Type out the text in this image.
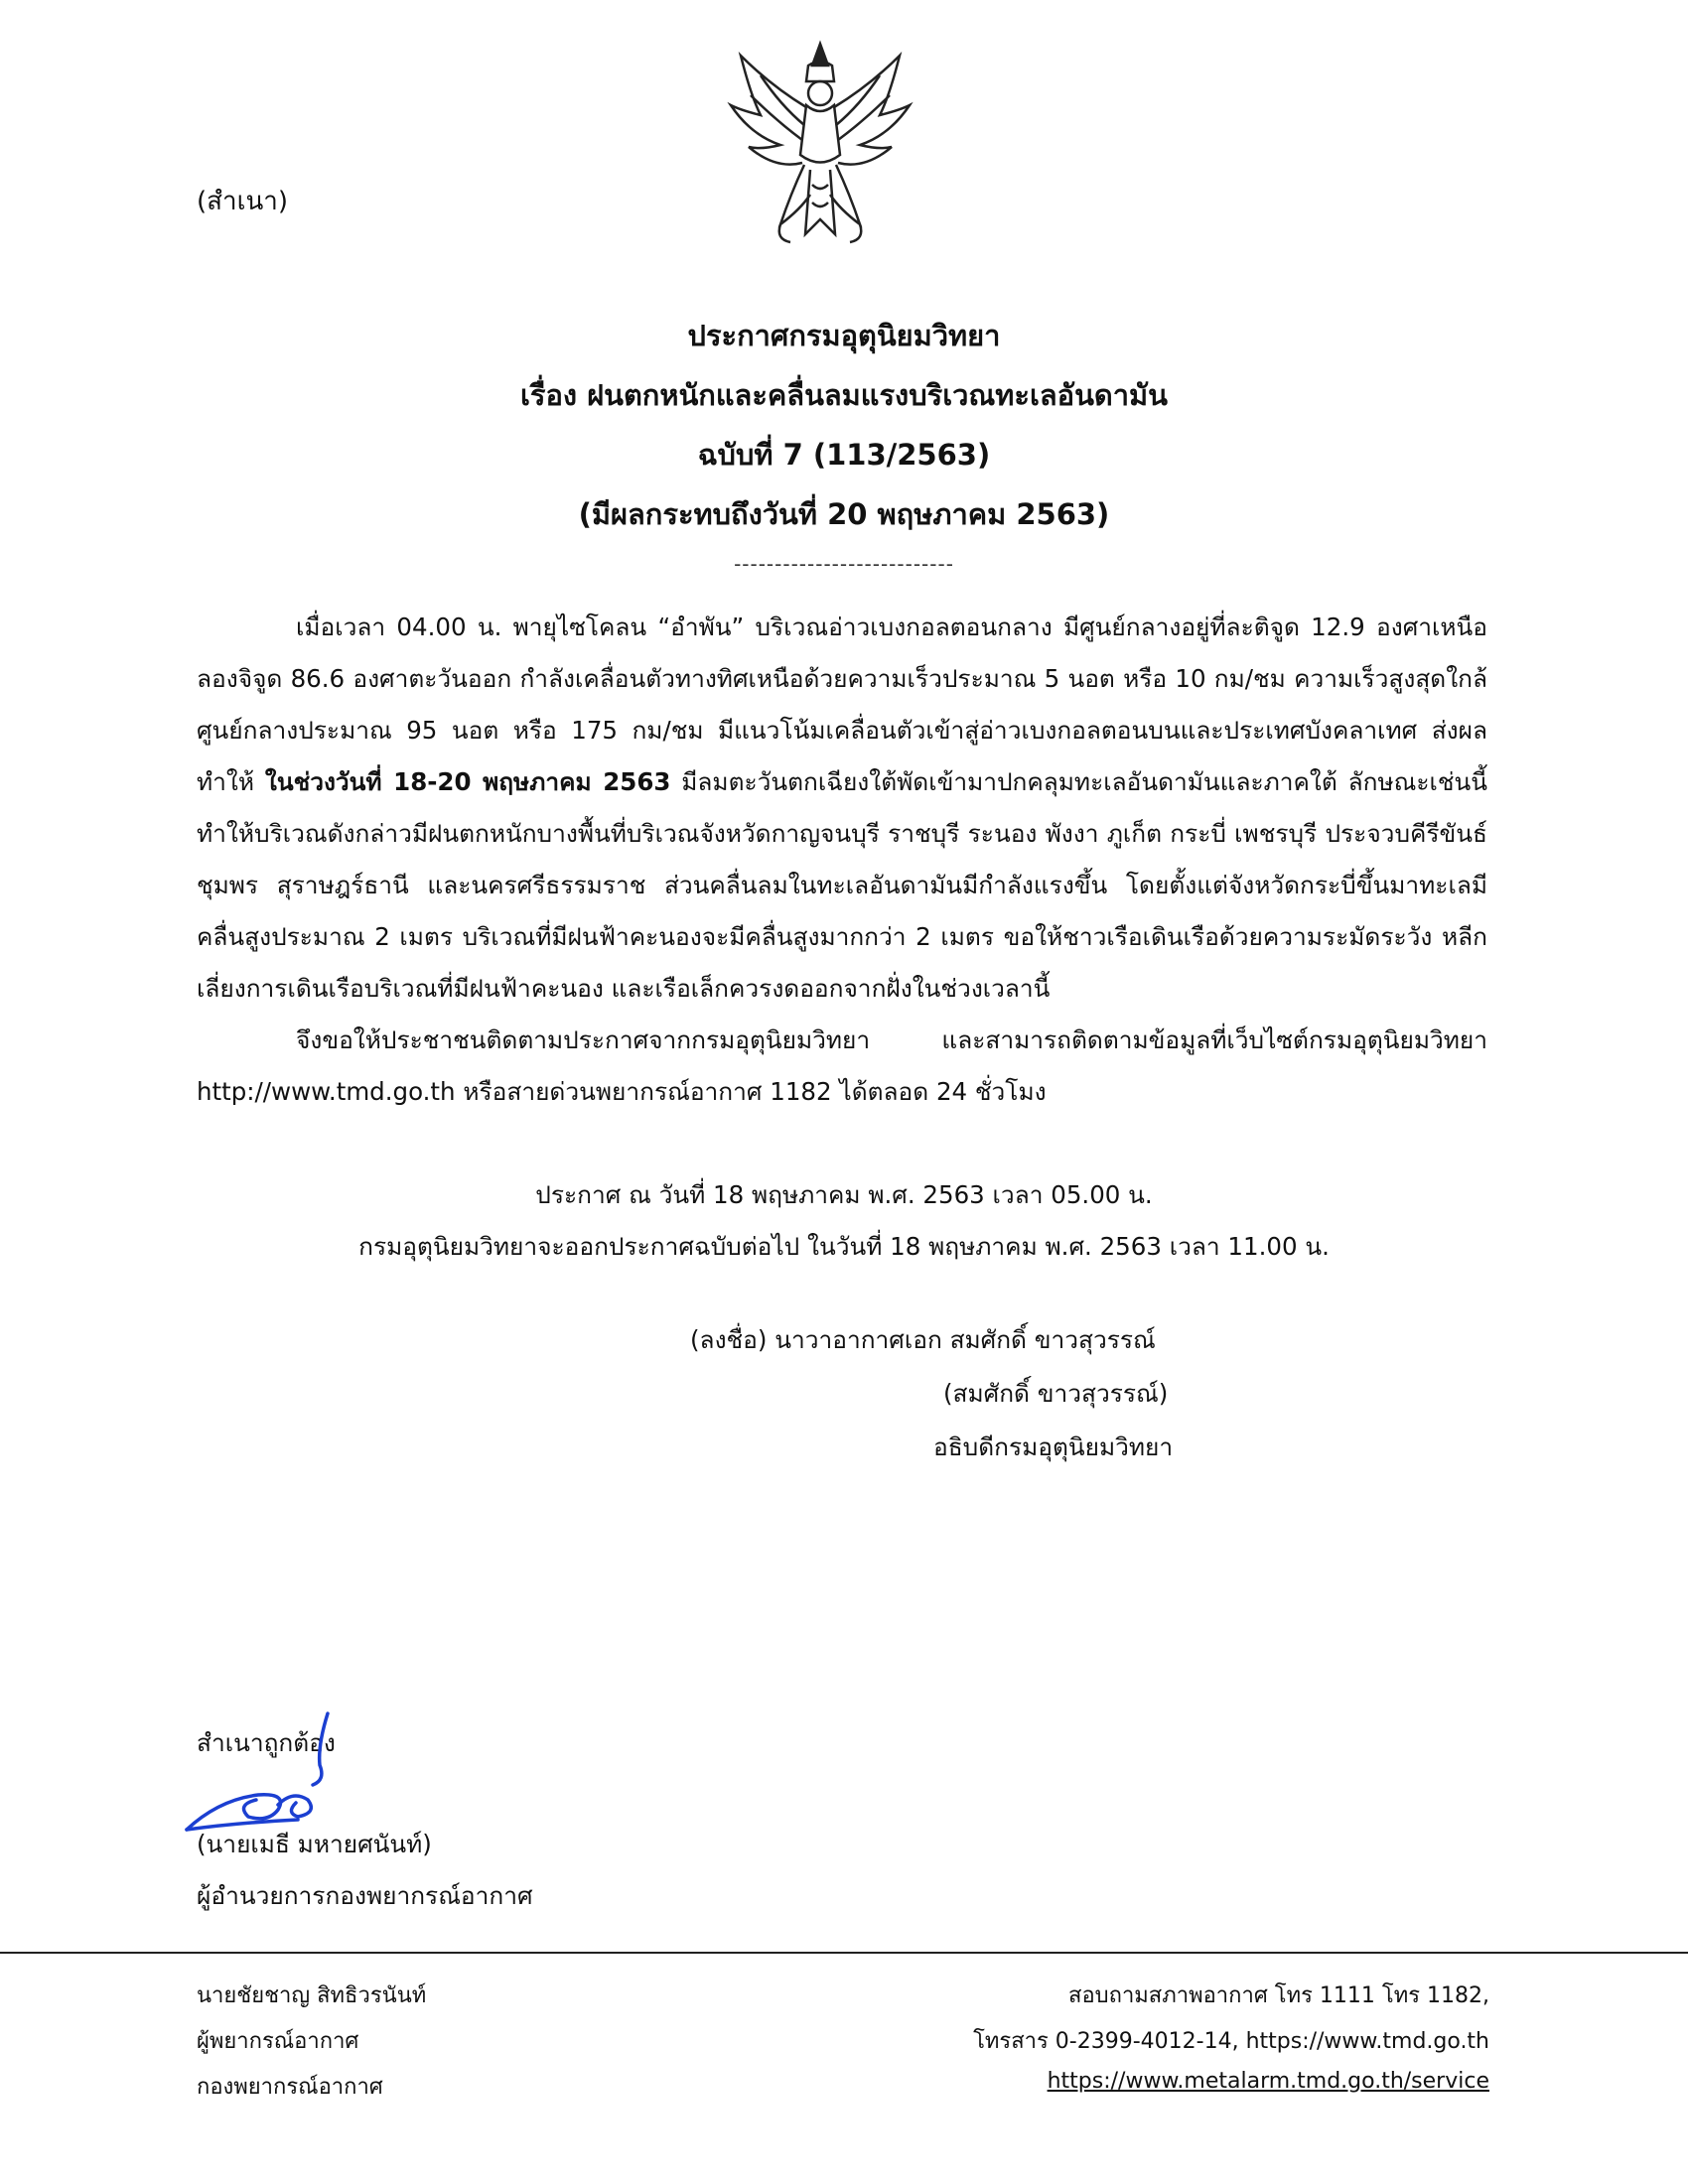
(สำเนา)
ประกาศกรมอุตุนิยมวิทยา
เรื่อง ฝนตกหนักและคลื่นลมแรงบริเวณทะเลอันดามัน
ฉบับที่ 7 (113/2563)
(มีผลกระทบถึงวันที่ 20 พฤษภาคม 2563)
---------------------------
เมื่อเวลา 04.00 น. พายุไซโคลน “อำพัน” บริเวณอ่าวเบงกอลตอนกลาง มีศูนย์กลางอยู่ที่ละติจูด 12.9 องศาเหนือ ลองจิจูด 86.6 องศาตะวันออก กำลังเคลื่อนตัวทางทิศเหนือด้วยความเร็วประมาณ 5 นอต หรือ 10 กม/ชม ความเร็วสูงสุดใกล้ศูนย์กลางประมาณ 95 นอต หรือ 175 กม/ชม มีแนวโน้มเคลื่อนตัวเข้าสู่อ่าวเบงกอลตอนบนและประเทศบังคลาเทศ ส่งผลทำให้ ในช่วงวันที่ 18-20 พฤษภาคม 2563 มีลมตะวันตกเฉียงใต้พัดเข้ามาปกคลุมทะเลอันดามันและภาคใต้ ลักษณะเช่นนี้ทำให้บริเวณดังกล่าวมีฝนตกหนักบางพื้นที่บริเวณจังหวัดกาญจนบุรี ราชบุรี ระนอง พังงา ภูเก็ต กระบี่ เพชรบุรี ประจวบคีรีขันธ์ ชุมพร สุราษฎร์ธานี และนครศรีธรรมราช ส่วนคลื่นลมในทะเลอันดามันมีกำลังแรงขึ้น โดยตั้งแต่จังหวัดกระบี่ขึ้นมาทะเลมีคลื่นสูงประมาณ 2 เมตร บริเวณที่มีฝนฟ้าคะนองจะมีคลื่นสูงมากกว่า 2 เมตร ขอให้ชาวเรือเดินเรือด้วยความระมัดระวัง หลีกเลี่ยงการเดินเรือบริเวณที่มีฝนฟ้าคะนอง และเรือเล็กควรงดออกจากฝั่งในช่วงเวลานี้
จึงขอให้ประชาชนติดตามประกาศจากกรมอุตุนิยมวิทยา และสามารถติดตามข้อมูลที่เว็บไซต์กรมอุตุนิยมวิทยา http://www.tmd.go.th หรือสายด่วนพยากรณ์อากาศ 1182 ได้ตลอด 24 ชั่วโมง
ประกาศ ณ วันที่ 18 พฤษภาคม พ.ศ. 2563 เวลา 05.00 น.
กรมอุตุนิยมวิทยาจะออกประกาศฉบับต่อไป ในวันที่ 18 พฤษภาคม พ.ศ. 2563 เวลา 11.00 น.
(ลงชื่อ) นาวาอากาศเอก สมศักดิ์ ขาวสุวรรณ์
(สมศักดิ์ ขาวสุวรรณ์)
อธิบดีกรมอุตุนิยมวิทยา
สำเนาถูกต้อง
(นายเมธี มหายศนันท์)
ผู้อำนวยการกองพยากรณ์อากาศ
นายชัยชาญ สิทธิวรนันท์
ผู้พยากรณ์อากาศ
กองพยากรณ์อากาศ
สอบถามสภาพอากาศ โทร 1111 โทร 1182,
โทรสาร 0-2399-4012-14, https://www.tmd.go.th
https://www.metalarm.tmd.go.th/service
